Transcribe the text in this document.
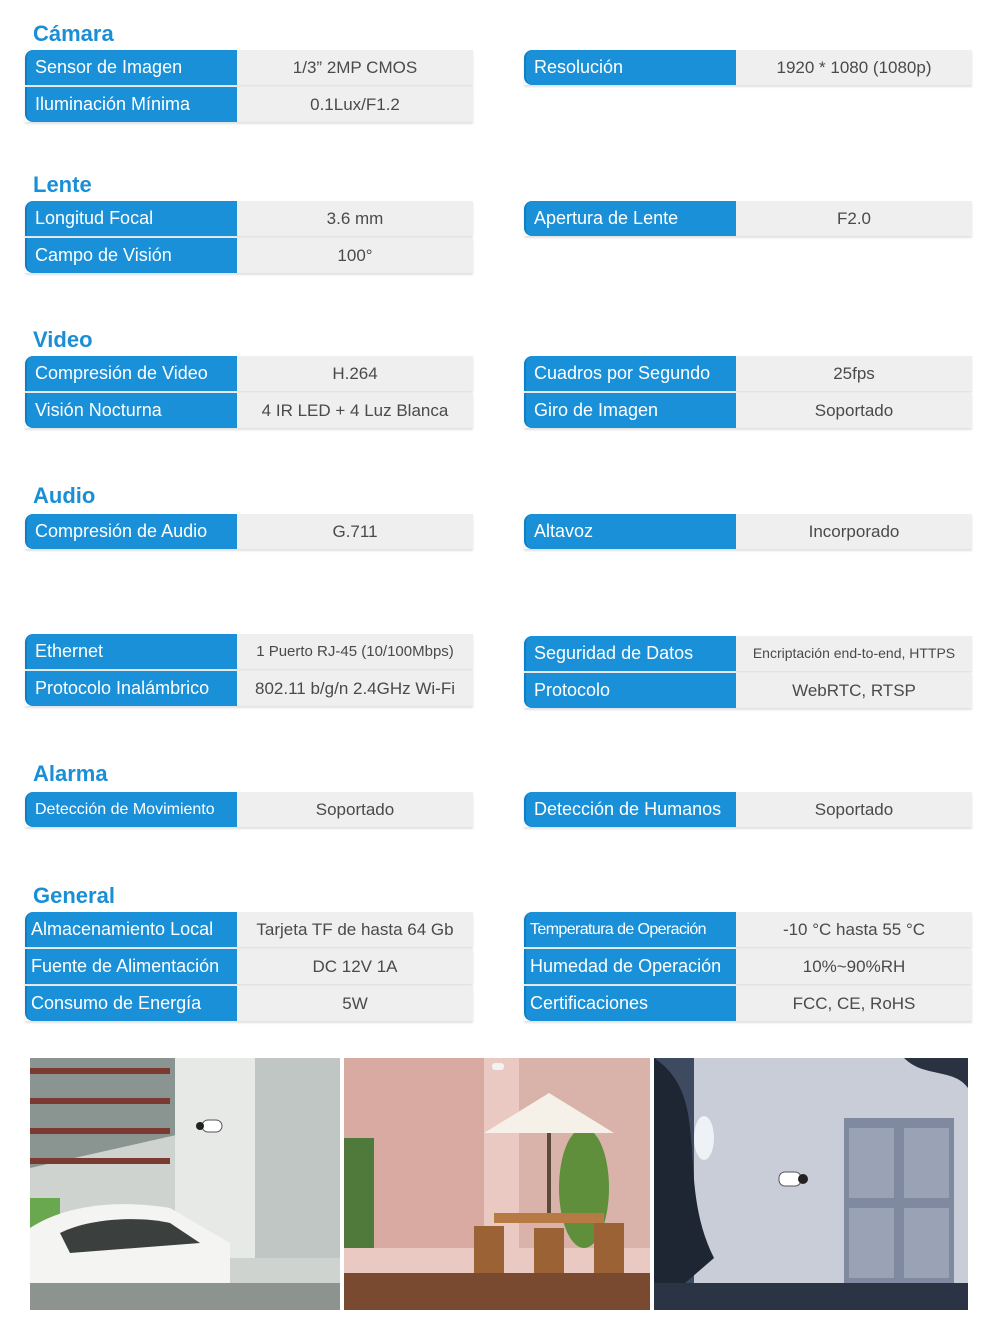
Cámara
Sensor de Imagen	1/3” 2MP CMOS
Iluminación Mínima	0.1Lux/F1.2
Resolución	1920 * 1080 (1080p)
Lente
Longitud Focal	3.6 mm
Campo de Visión	100°
Apertura de Lente	F2.0
Video
Compresión de Video	H.264
Visión Nocturna	4 IR LED + 4 Luz Blanca
Cuadros por Segundo	25fps
Giro de Imagen	Soportado
Audio
Compresión de Audio	G.711	Altavoz	Incorporado
Ethernet	1 Puerto RJ-45 (10/100Mbps)
Protocolo Inalámbrico	802.11 b/g/n 2.4GHz Wi-Fi
Seguridad de Datos	Encriptación end-to-end, HTTPS
Protocolo	WebRTC, RTSP
Alarma
Detección de Movimiento	Soportado	Detección de Humanos	Soportado
General
Almacenamiento Local	Tarjeta TF de hasta 64 Gb
Fuente de Alimentación	DC 12V 1A
Consumo de Energía	5W
Temperatura de Operación	-10 °C hasta 55 °C
Humedad de Operación	10%~90%RH
Certificaciones	FCC, CE, RoHS
